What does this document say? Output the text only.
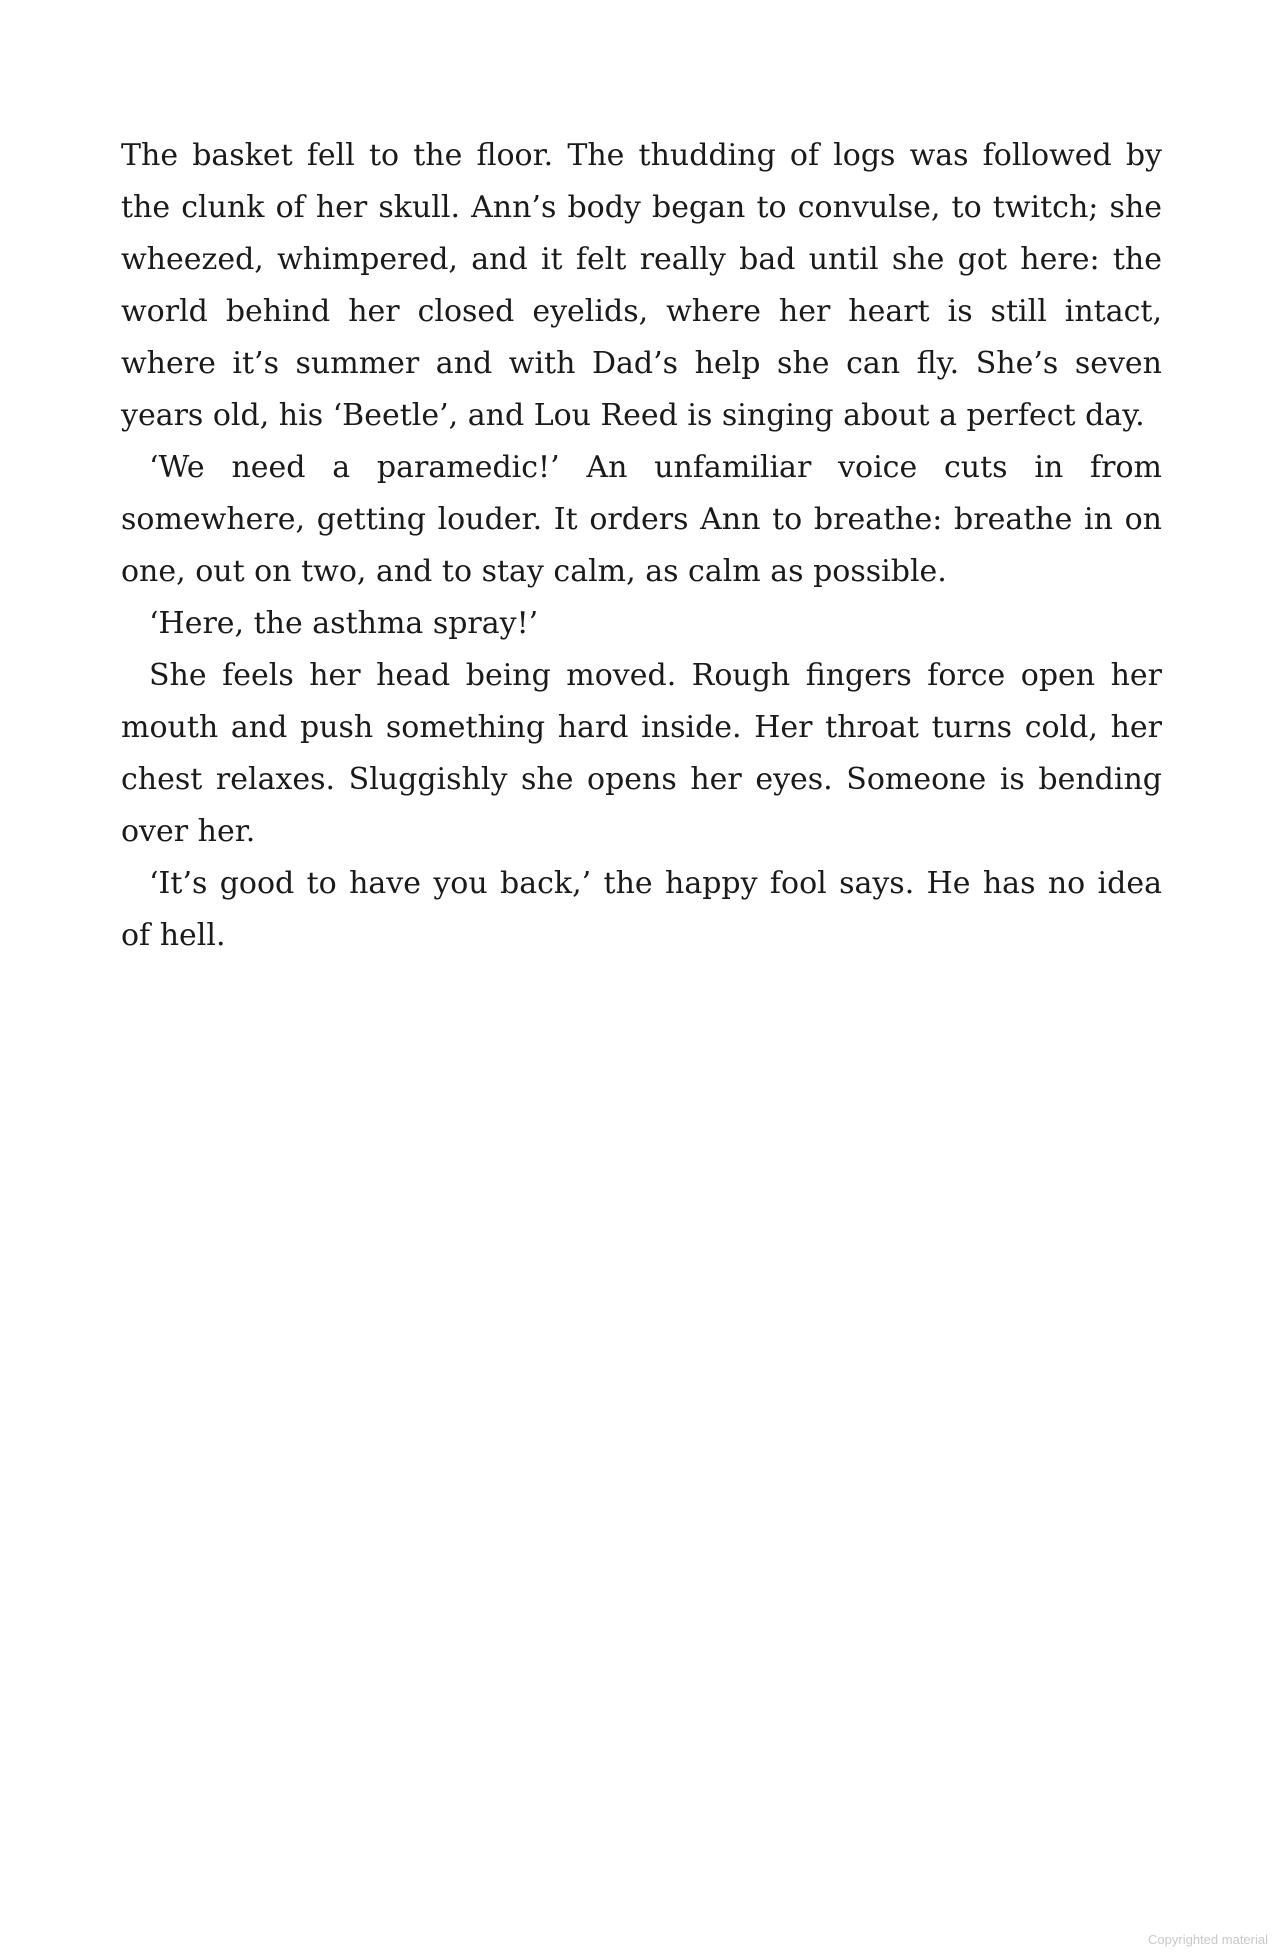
The basket fell to the floor. The thudding of logs was followed by the clunk of her skull. Ann’s body began to convulse, to twitch; she wheezed, whimpered, and it felt really bad until she got here: the world behind her closed eyelids, where her heart is still intact, where it’s summer and with Dad’s help she can fly. She’s seven years old, his ‘Beetle’, and Lou Reed is singing about a perfect day.

‘We need a paramedic!’ An unfamiliar voice cuts in from somewhere, getting louder. It orders Ann to breathe: breathe in on one, out on two, and to stay calm, as calm as possible.

‘Here, the asthma spray!’

She feels her head being moved. Rough fingers force open her mouth and push something hard inside. Her throat turns cold, her chest relaxes. Sluggishly she opens her eyes. Someone is bending over her.

‘It’s good to have you back,’ the happy fool says. He has no idea of hell.

Copyrighted material
